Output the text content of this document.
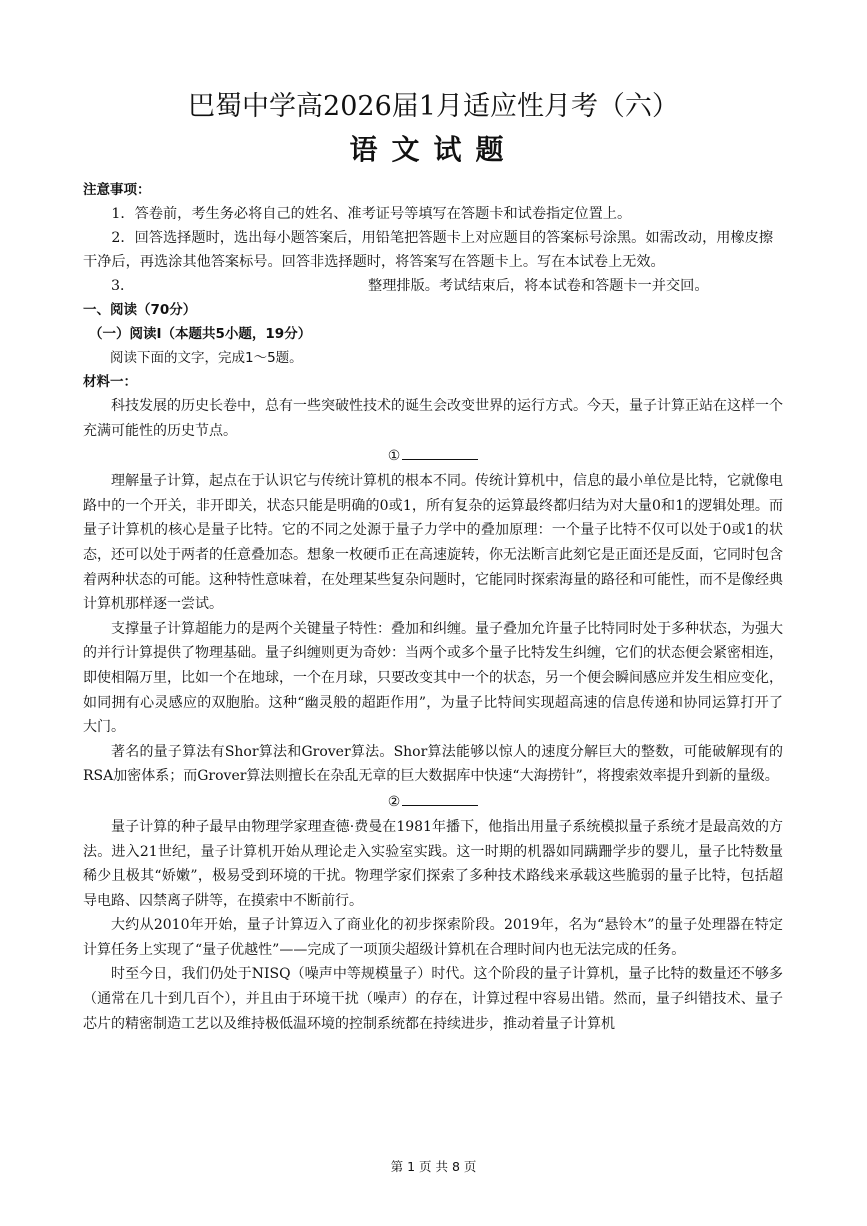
巴蜀中学高2026届1月适应性月考（六）
语文试题

注意事项：

1．答卷前，考生务必将自己的姓名、准考证号等填写在答题卡和试卷指定位置上。

2．回答选择题时，选出每小题答案后，用铅笔把答题卡上对应题目的答案标号涂黑。如需改动，用橡皮擦干净后，再选涂其他答案标号。回答非选择题时，将答案写在答题卡上。写在本试卷上无效。

3．	整理排版。考试结束后，将本试卷和答题卡一并交回。

一、阅读（70分）

（一）阅读Ⅰ（本题共5小题，19分）

阅读下面的文字，完成1～5题。

材料一：

科技发展的历史长卷中，总有一些突破性技术的诞生会改变世界的运行方式。今天，量子计算正站在这样一个充满可能性的历史节点。

①

理解量子计算，起点在于认识它与传统计算机的根本不同。传统计算机中，信息的最小单位是比特，它就像电路中的一个开关，非开即关，状态只能是明确的0或1，所有复杂的运算最终都归结为对大量0和1的逻辑处理。而量子计算机的核心是量子比特。它的不同之处源于量子力学中的叠加原理：一个量子比特不仅可以处于0或1的状态，还可以处于两者的任意叠加态。想象一枚硬币正在高速旋转，你无法断言此刻它是正面还是反面，它同时包含着两种状态的可能。这种特性意味着，在处理某些复杂问题时，它能同时探索海量的路径和可能性，而不是像经典计算机那样逐一尝试。

支撑量子计算超能力的是两个关键量子特性：叠加和纠缠。量子叠加允许量子比特同时处于多种状态，为强大的并行计算提供了物理基础。量子纠缠则更为奇妙：当两个或多个量子比特发生纠缠，它们的状态便会紧密相连，即使相隔万里，比如一个在地球，一个在月球，只要改变其中一个的状态，另一个便会瞬间感应并发生相应变化，如同拥有心灵感应的双胞胎。这种“幽灵般的超距作用”，为量子比特间实现超高速的信息传递和协同运算打开了大门。

著名的量子算法有Shor算法和Grover算法。Shor算法能够以惊人的速度分解巨大的整数，可能破解现有的RSA加密体系；而Grover算法则擅长在杂乱无章的巨大数据库中快速“大海捞针”，将搜索效率提升到新的量级。

②

量子计算的种子最早由物理学家理查德·费曼在1981年播下，他指出用量子系统模拟量子系统才是最高效的方法。进入21世纪，量子计算机开始从理论走入实验室实践。这一时期的机器如同蹒跚学步的婴儿，量子比特数量稀少且极其“娇嫩”，极易受到环境的干扰。物理学家们探索了多种技术路线来承载这些脆弱的量子比特，包括超导电路、囚禁离子阱等，在摸索中不断前行。

大约从2010年开始，量子计算迈入了商业化的初步探索阶段。2019年，名为“悬铃木”的量子处理器在特定计算任务上实现了“量子优越性”——完成了一项顶尖超级计算机在合理时间内也无法完成的任务。

时至今日，我们仍处于NISQ（噪声中等规模量子）时代。这个阶段的量子计算机，量子比特的数量还不够多（通常在几十到几百个），并且由于环境干扰（噪声）的存在，计算过程中容易出错。然而，量子纠错技术、量子芯片的精密制造工艺以及维持极低温环境的控制系统都在持续进步，推动着量子计算机

第 1 页 共 8 页
